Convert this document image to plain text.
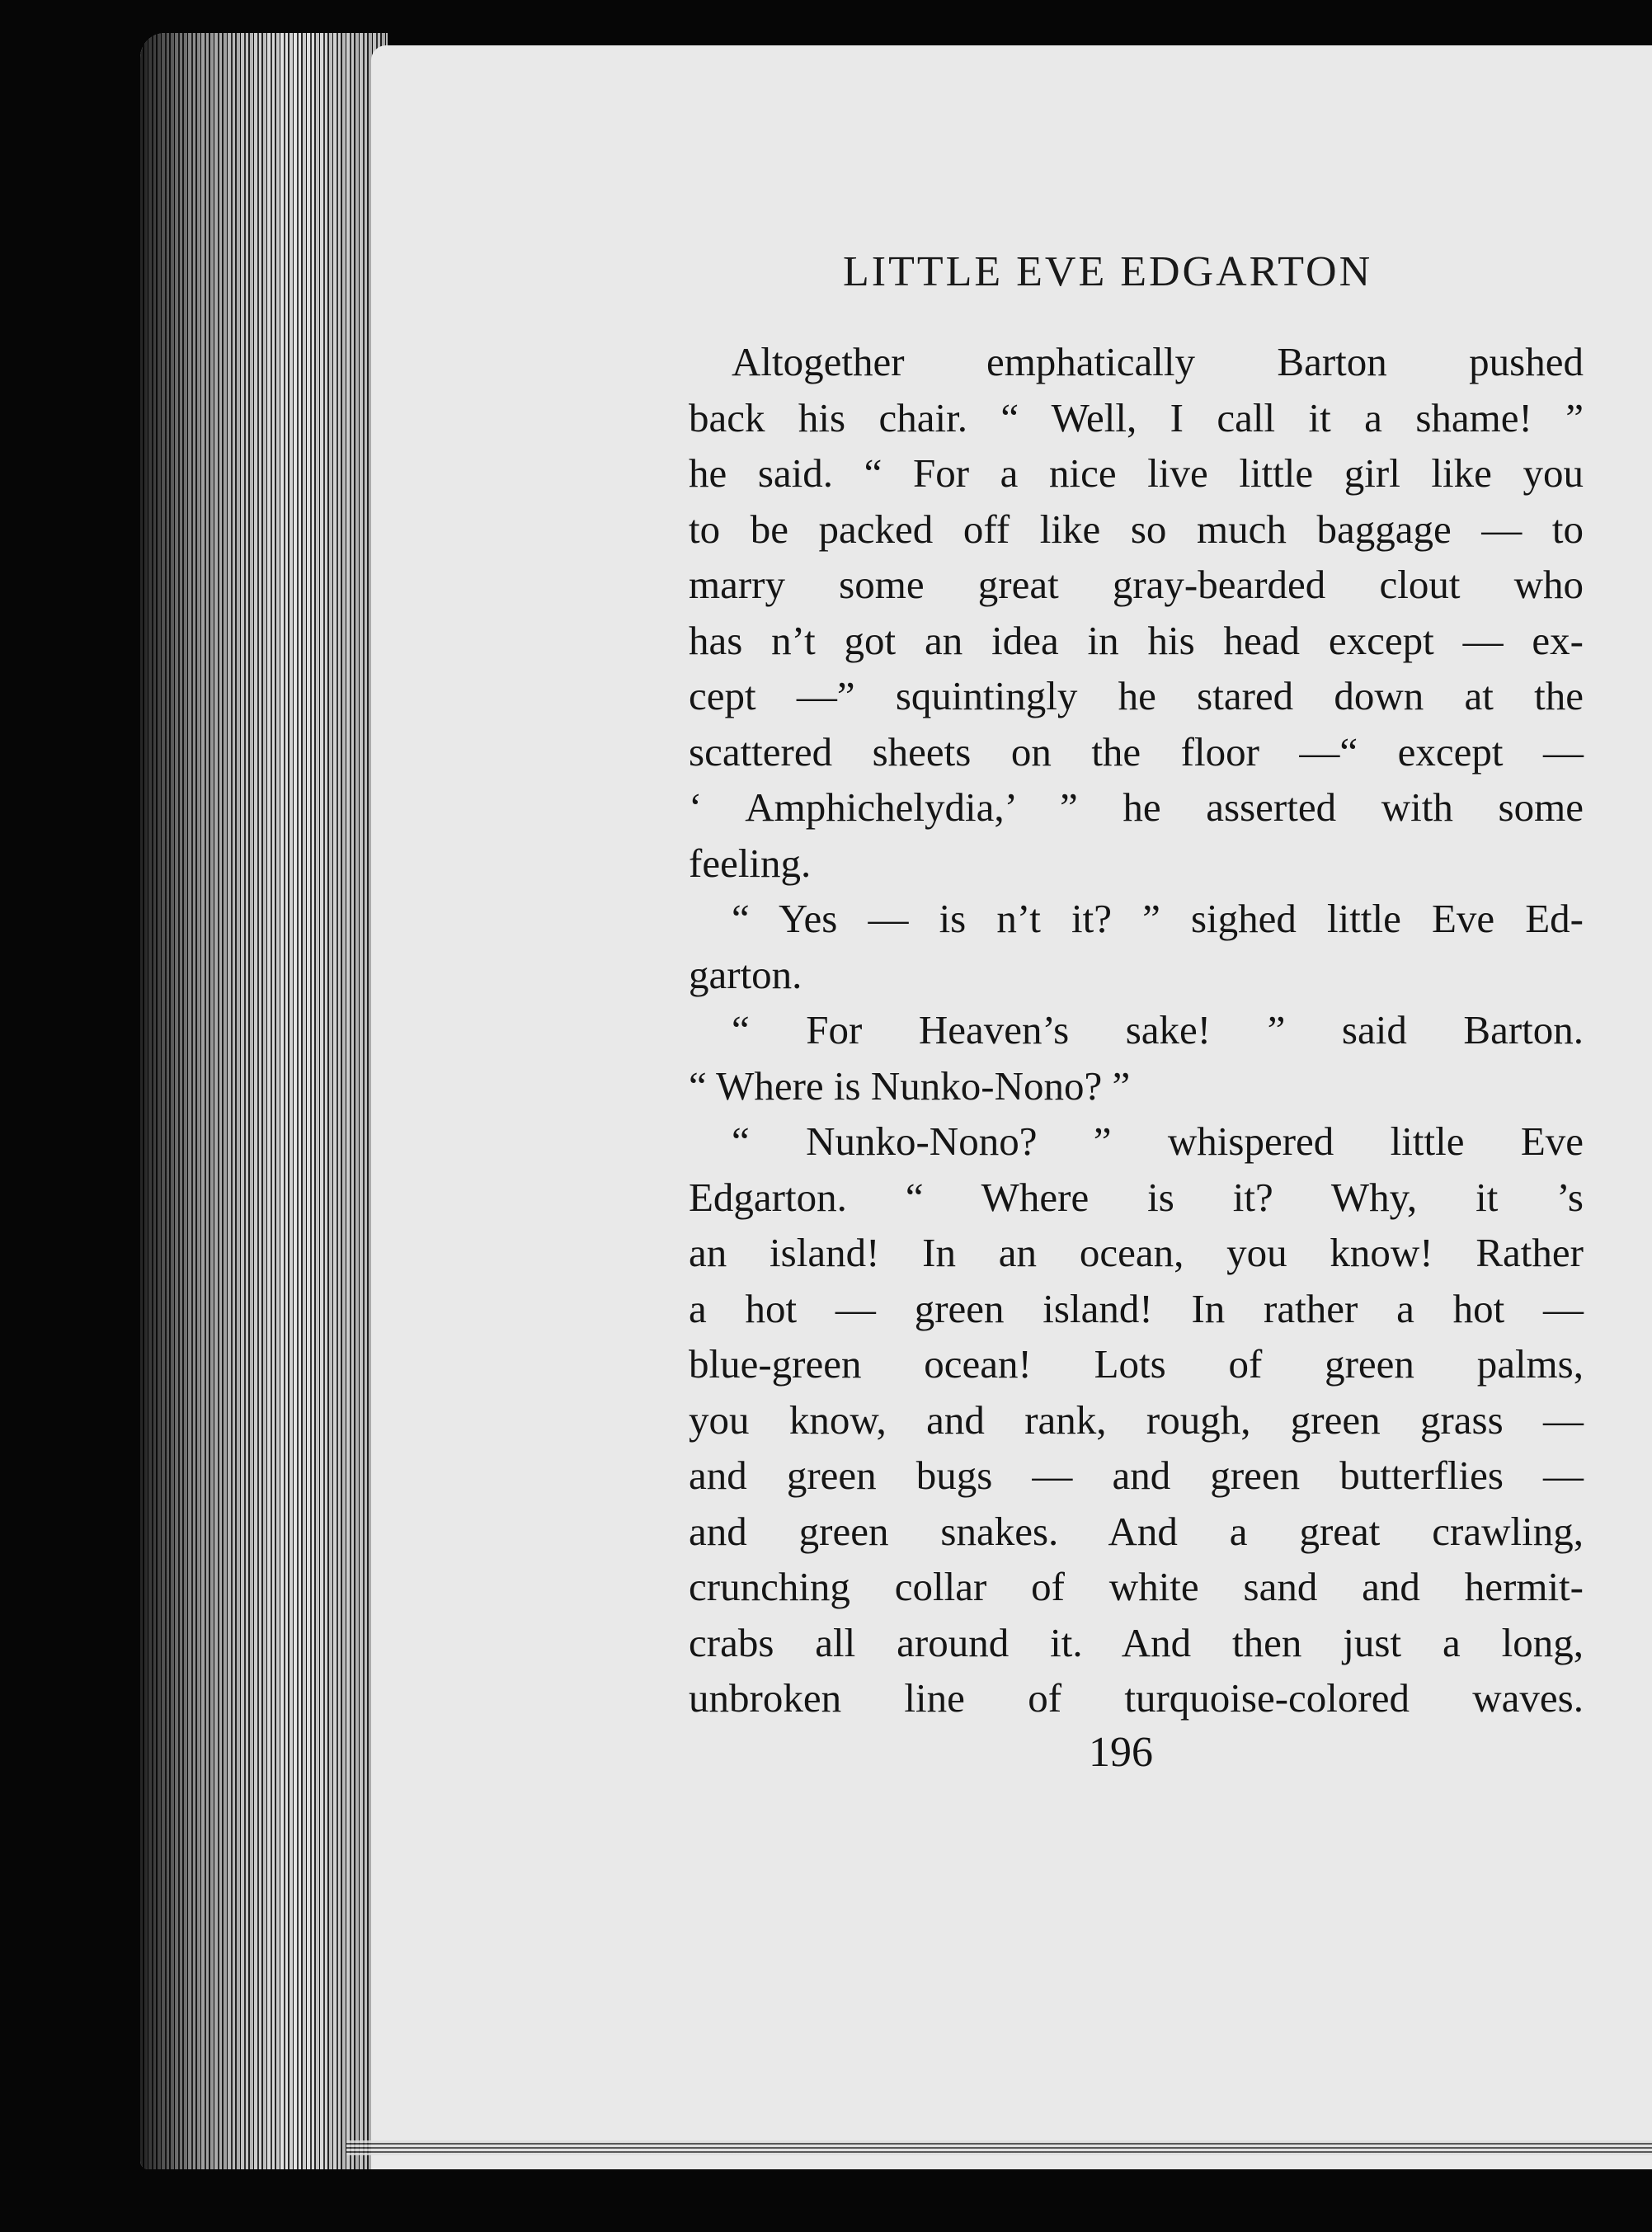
LITTLE EVE EDGARTON
Altogether emphatically Barton pushed
back his chair. “ Well, I call it a shame! ”
he said. “ For a nice live little girl like you
to be packed off like so much baggage — to
marry some great gray-bearded clout who
has n’t got an idea in his head except — ex-
cept —” squintingly he stared down at the
scattered sheets on the floor —“ except —
‘ Amphichelydia,’ ” he asserted with some
feeling.
“ Yes — is n’t it? ” sighed little Eve Ed-
garton.
“ For Heaven’s sake! ” said Barton.
“ Where is Nunko-Nono? ”
“ Nunko-Nono? ” whispered little Eve
Edgarton. “ Where is it? Why, it ’s
an island! In an ocean, you know! Rather
a hot — green island! In rather a hot —
blue-green ocean! Lots of green palms,
you know, and rank, rough, green grass —
and green bugs — and green butterflies —
and green snakes. And a great crawling,
crunching collar of white sand and hermit-
crabs all around it. And then just a long,
unbroken line of turquoise-colored waves.
196
